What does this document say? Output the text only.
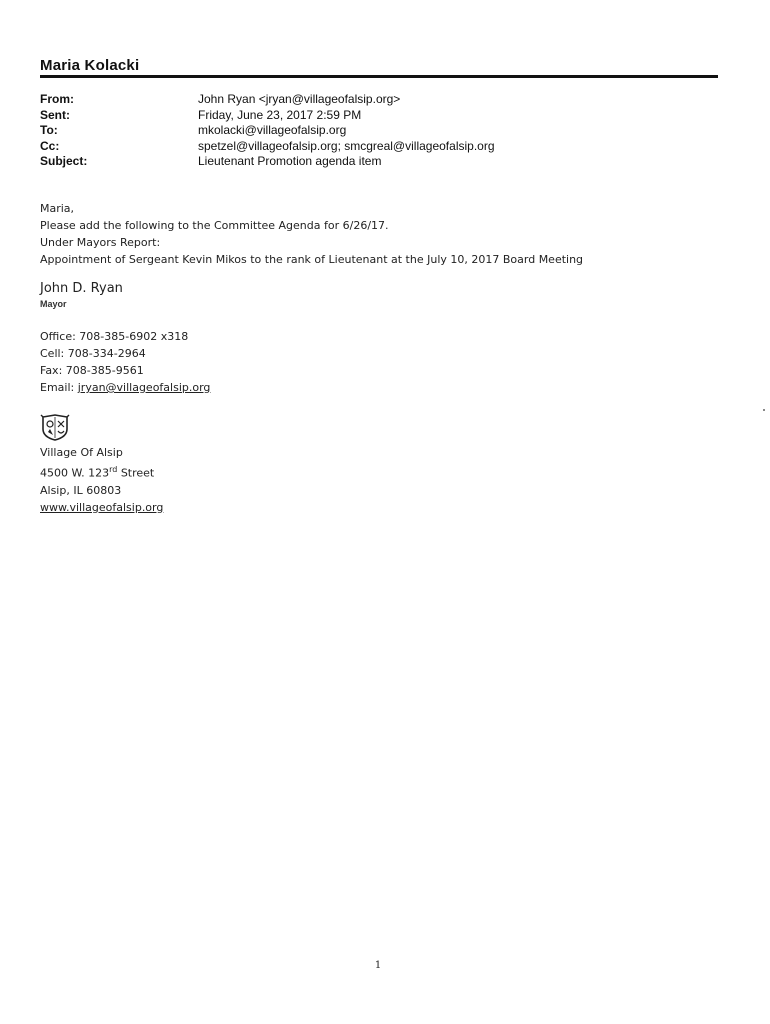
Maria Kolacki
From:	John Ryan <jryan@villageofalsip.org>
Sent:	Friday, June 23, 2017 2:59 PM
To:	mkolacki@villageofalsip.org
Cc:	spetzel@villageofalsip.org; smcgreal@villageofalsip.org
Subject:	Lieutenant Promotion agenda item

Maria,

Please add the following to the Committee Agenda for 6/26/17.

Under Mayors Report:

Appointment of Sergeant Kevin Mikos to the rank of Lieutenant at the July 10, 2017 Board Meeting

John D. Ryan
Mayor

Office: 708-385-6902 x318

Cell: 708-334-2964

Fax: 708-385-9561

Email: jryan@villageofalsip.org

Village Of Alsip

4500 W. 123rd Street

Alsip, IL 60803

www.villageofalsip.org

1
